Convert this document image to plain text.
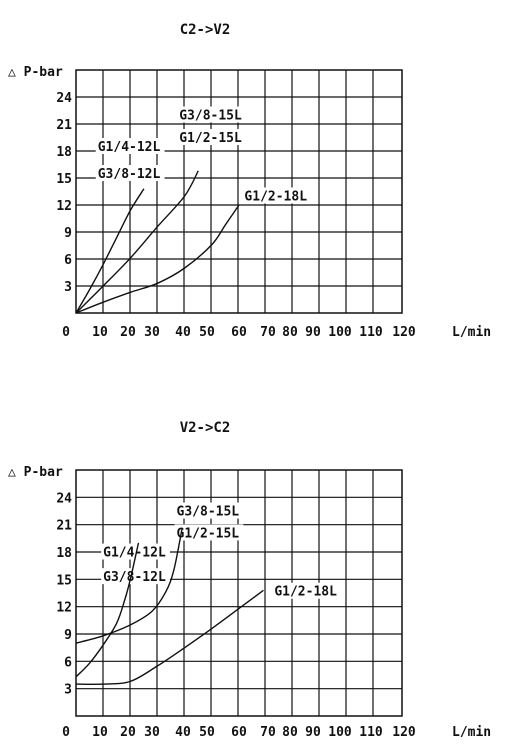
C2->V2
3
6
9
12
15
18
21
24
△ P-bar
0 10 20 30 40 50 60 70 80 90 100 110 120	L/min
G1/4-12L
G3/8-12L
G3/8-15L
G1/2-15L
G1/2-18L
V2->C2
3
6
9
12
15
18
21
24
△ P-bar
0 10 20 30 40 50 60 70 80 90 100 110 120	L/min
G1/4-12L
G3/8-12L
G3/8-15L
G1/2-15L
G1/2-18L
